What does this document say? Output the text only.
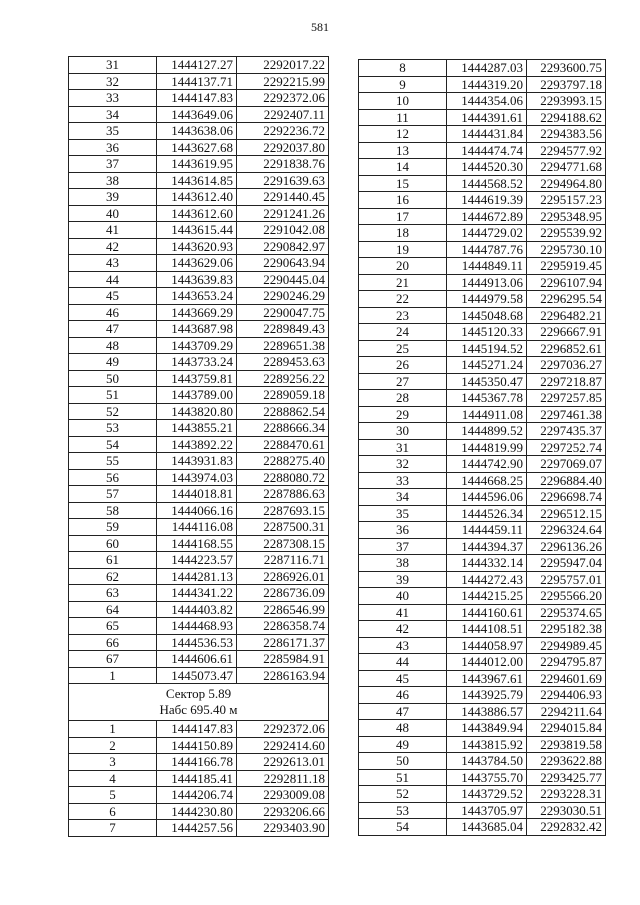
581
31	1444127.27	2292017.22
32	1444137.71	2292215.99
33	1444147.83	2292372.06
34	1443649.06	2292407.11
35	1443638.06	2292236.72
36	1443627.68	2292037.80
37	1443619.95	2291838.76
38	1443614.85	2291639.63
39	1443612.40	2291440.45
40	1443612.60	2291241.26
41	1443615.44	2291042.08
42	1443620.93	2290842.97
43	1443629.06	2290643.94
44	1443639.83	2290445.04
45	1443653.24	2290246.29
46	1443669.29	2290047.75
47	1443687.98	2289849.43
48	1443709.29	2289651.38
49	1443733.24	2289453.63
50	1443759.81	2289256.22
51	1443789.00	2289059.18
52	1443820.80	2288862.54
53	1443855.21	2288666.34
54	1443892.22	2288470.61
55	1443931.83	2288275.40
56	1443974.03	2288080.72
57	1444018.81	2287886.63
58	1444066.16	2287693.15
59	1444116.08	2287500.31
60	1444168.55	2287308.15
61	1444223.57	2287116.71
62	1444281.13	2286926.01
63	1444341.22	2286736.09
64	1444403.82	2286546.99
65	1444468.93	2286358.74
66	1444536.53	2286171.37
67	1444606.61	2285984.91
1	1445073.47	2286163.94

Сектор 5.89
Набс 695.40 м		

1	1444147.83	2292372.06
2	1444150.89	2292414.60
3	1444166.78	2292613.01
4	1444185.41	2292811.18
5	1444206.74	2293009.08
6	1444230.80	2293206.66
7	1444257.56	2293403.90
8	1444287.03	2293600.75
9	1444319.20	2293797.18
10	1444354.06	2293993.15
11	1444391.61	2294188.62
12	1444431.84	2294383.56
13	1444474.74	2294577.92
14	1444520.30	2294771.68
15	1444568.52	2294964.80
16	1444619.39	2295157.23
17	1444672.89	2295348.95
18	1444729.02	2295539.92
19	1444787.76	2295730.10
20	1444849.11	2295919.45
21	1444913.06	2296107.94
22	1444979.58	2296295.54
23	1445048.68	2296482.21
24	1445120.33	2296667.91
25	1445194.52	2296852.61
26	1445271.24	2297036.27
27	1445350.47	2297218.87
28	1445367.78	2297257.85
29	1444911.08	2297461.38
30	1444899.52	2297435.37
31	1444819.99	2297252.74
32	1444742.90	2297069.07
33	1444668.25	2296884.40
34	1444596.06	2296698.74
35	1444526.34	2296512.15
36	1444459.11	2296324.64
37	1444394.37	2296136.26
38	1444332.14	2295947.04
39	1444272.43	2295757.01
40	1444215.25	2295566.20
41	1444160.61	2295374.65
42	1444108.51	2295182.38
43	1444058.97	2294989.45
44	1444012.00	2294795.87
45	1443967.61	2294601.69
46	1443925.79	2294406.93
47	1443886.57	2294211.64
48	1443849.94	2294015.84
49	1443815.92	2293819.58
50	1443784.50	2293622.88
51	1443755.70	2293425.77
52	1443729.52	2293228.31
53	1443705.97	2293030.51
54	1443685.04	2292832.42
